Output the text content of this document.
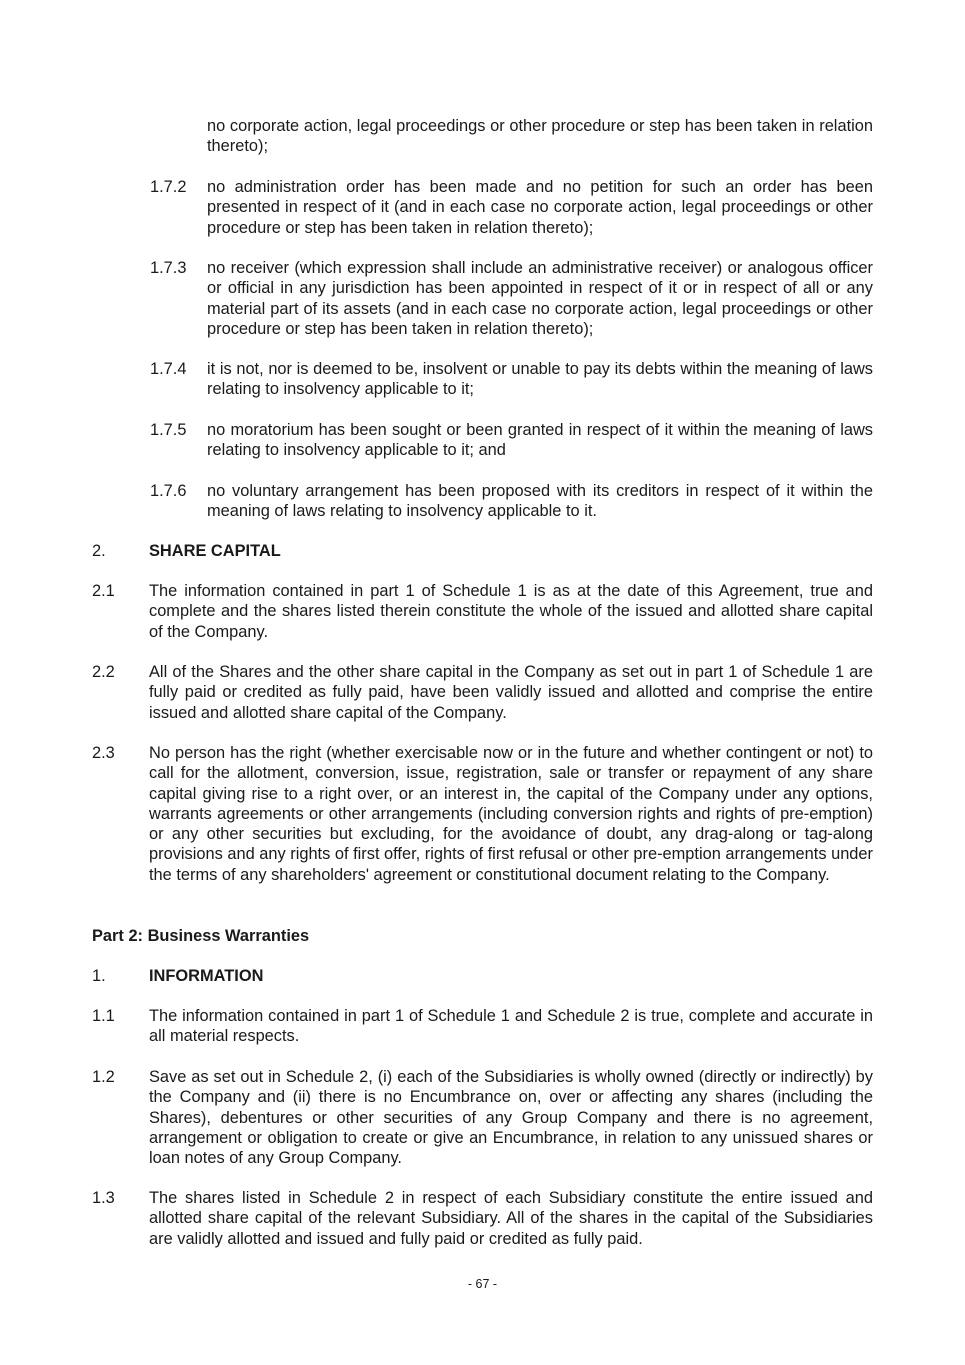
no corporate action, legal proceedings or other procedure or step has been taken in relation thereto);
1.7.2 no administration order has been made and no petition for such an order has been presented in respect of it (and in each case no corporate action, legal proceedings or other procedure or step has been taken in relation thereto);
1.7.3 no receiver (which expression shall include an administrative receiver) or analogous officer or official in any jurisdiction has been appointed in respect of it or in respect of all or any material part of its assets (and in each case no corporate action, legal proceedings or other procedure or step has been taken in relation thereto);
1.7.4 it is not, nor is deemed to be, insolvent or unable to pay its debts within the meaning of laws relating to insolvency applicable to it;
1.7.5 no moratorium has been sought or been granted in respect of it within the meaning of laws relating to insolvency applicable to it; and
1.7.6 no voluntary arrangement has been proposed with its creditors in respect of it within the meaning of laws relating to insolvency applicable to it.
2.	SHARE CAPITAL
2.1 The information contained in part 1 of Schedule 1 is as at the date of this Agreement, true and complete and the shares listed therein constitute the whole of the issued and allotted share capital of the Company.
2.2 All of the Shares and the other share capital in the Company as set out in part 1 of Schedule 1 are fully paid or credited as fully paid, have been validly issued and allotted and comprise the entire issued and allotted share capital of the Company.
2.3 No person has the right (whether exercisable now or in the future and whether contingent or not) to call for the allotment, conversion, issue, registration, sale or transfer or repayment of any share capital giving rise to a right over, or an interest in, the capital of the Company under any options, warrants agreements or other arrangements (including conversion rights and rights of pre-emption) or any other securities but excluding, for the avoidance of doubt, any drag-along or tag-along provisions and any rights of first offer, rights of first refusal or other pre-emption arrangements under the terms of any shareholders' agreement or constitutional document relating to the Company.
Part 2: Business Warranties
1.	INFORMATION
1.1 The information contained in part 1 of Schedule 1 and Schedule 2 is true, complete and accurate in all material respects.
1.2 Save as set out in Schedule 2, (i) each of the Subsidiaries is wholly owned (directly or indirectly) by the Company and (ii) there is no Encumbrance on, over or affecting any shares (including the Shares), debentures or other securities of any Group Company and there is no agreement, arrangement or obligation to create or give an Encumbrance, in relation to any unissued shares or loan notes of any Group Company.
1.3 The shares listed in Schedule 2 in respect of each Subsidiary constitute the entire issued and allotted share capital of the relevant Subsidiary. All of the shares in the capital of the Subsidiaries are validly allotted and issued and fully paid or credited as fully paid.
- 67 -
